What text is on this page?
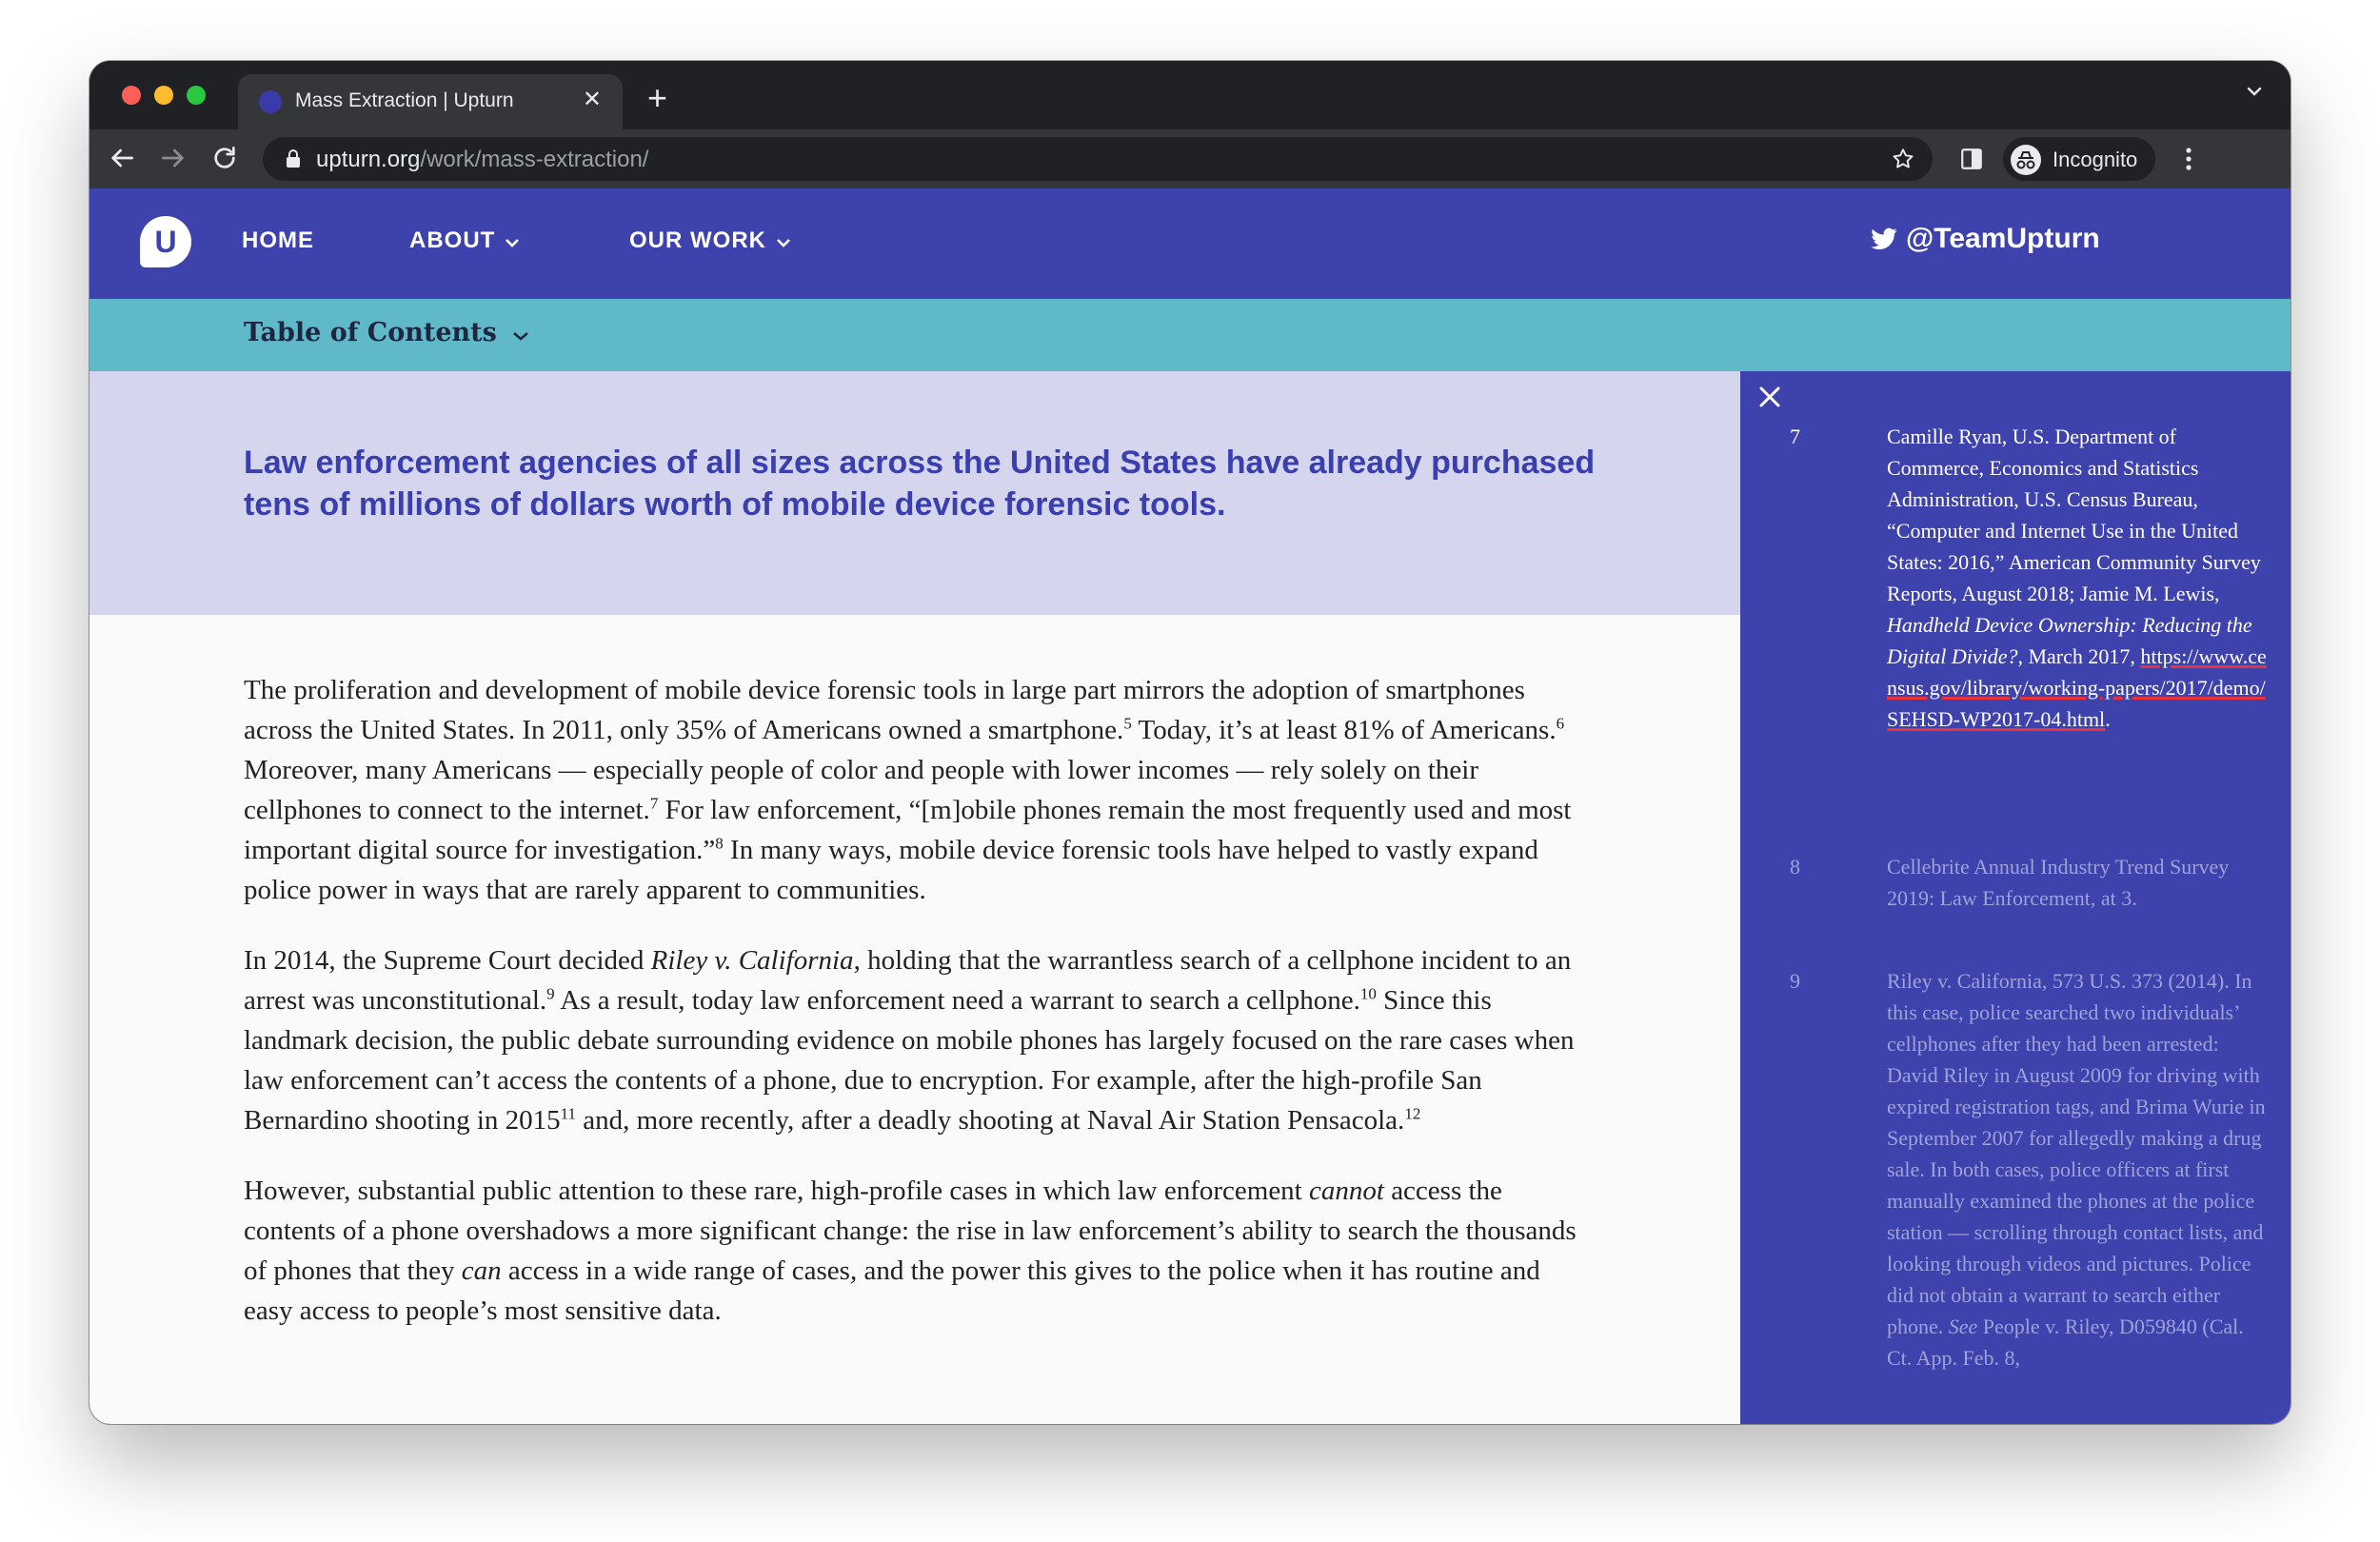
Mass Extraction | Upturn	✕ +
upturn.org/work/mass-extraction/	Incognito
U	HOME	ABOUT	OUR WORK	@TeamUpturn
Table of Contents
Law enforcement agencies of all sizes across the United States have already purchased tens of millions of dollars worth of mobile device forensic tools.

The proliferation and development of mobile device forensic tools in large part mirrors the adoption of smartphones across the United States. In 2011, only 35% of Americans owned a smartphone.$^5$ Today, it’s at least 81% of Americans.$^6$ Moreover, many Americans — especially people of color and people with lower incomes — rely solely on their cellphones to connect to the internet.$^7$ For law enforcement, “[m]obile phones remain the most frequently used and most important digital source for investigation.”$^8$ In many ways, mobile device forensic tools have helped to vastly expand police power in ways that are rarely apparent to communities.

In 2014, the Supreme Court decided Riley v. California, holding that the warrantless search of a cellphone incident to an arrest was unconstitutional.$^9$ As a result, today law enforcement need a warrant to search a cellphone.$^{10}$ Since this landmark decision, the public debate surrounding evidence on mobile phones has largely focused on the rare cases when law enforcement can’t access the contents of a phone, due to encryption. For example, after the high-profile San Bernardino shooting in 2015$^{11}$ and, more recently, after a deadly shooting at Naval Air Station Pensacola.$^{12}$

However, substantial public attention to these rare, high-profile cases in which law enforcement cannot access the contents of a phone overshadows a more significant change: the rise in law enforcement’s ability to search the thousands of phones that they can access in a wide range of cases, and the power this gives to the police when it has routine and easy access to people’s most sensitive data.

7	Camille Ryan, U.S. Department of Commerce, Economics and Statistics Administration, U.S. Census Bureau, “Computer and Internet Use in the United States: 2016,” American Community Survey Reports, August 2018; Jamie M. Lewis, Handheld Device Ownership: Reducing the Digital Divide?, March 2017, https://www.census.gov/library/working-papers/2017/demo/SEHSD-WP2017-04.html.
8	Cellebrite Annual Industry Trend Survey 2019: Law Enforcement, at 3.
9	Riley v. California, 573 U.S. 373 (2014). In this case, police searched two individuals’ cellphones after they had been arrested: David Riley in August 2009 for driving with expired registration tags, and Brima Wurie in September 2007 for allegedly making a drug sale. In both cases, police officers at first manually examined the phones at the police station — scrolling through contact lists, and looking through videos and pictures. Police did not obtain a warrant to search either phone. See People v. Riley, D059840 (Cal. Ct. App. Feb. 8,
